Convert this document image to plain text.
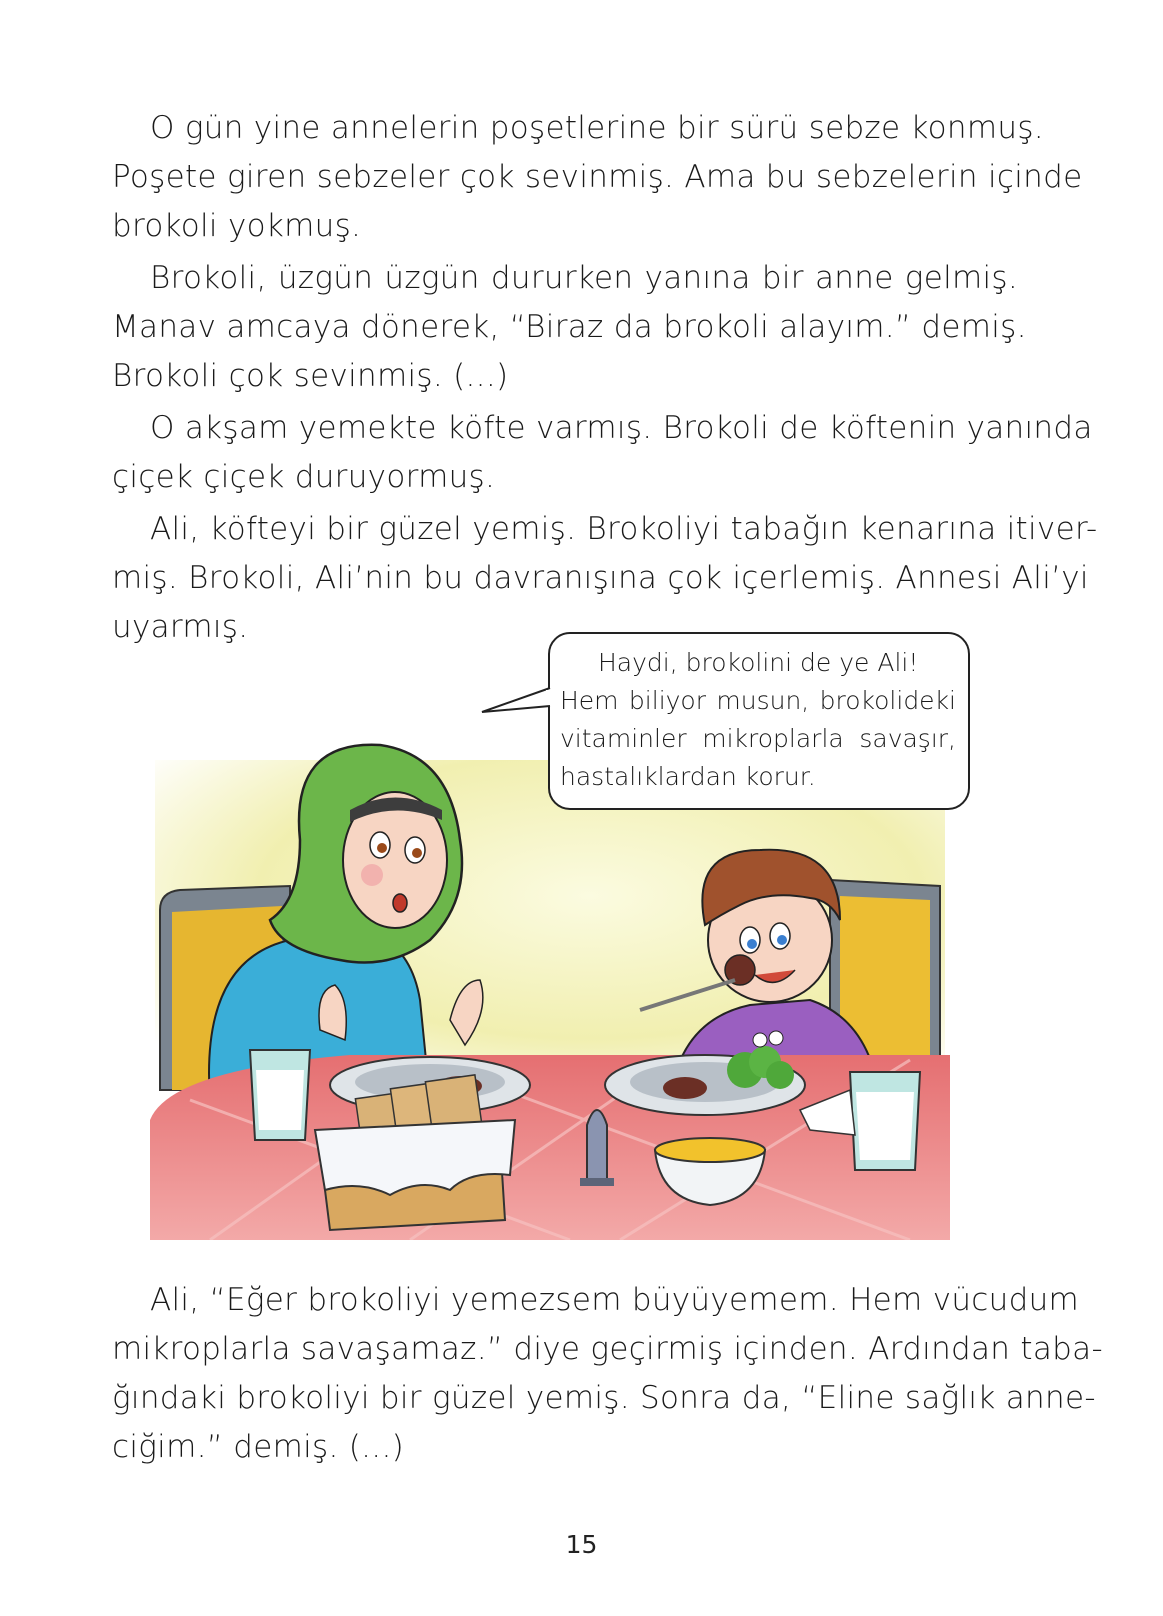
O gün yine annelerin poşetlerine bir sürü sebze konmuş.
Poşete giren sebzeler çok sevinmiş. Ama bu sebzelerin içinde
brokoli yokmuş.
Brokoli, üzgün üzgün dururken yanına bir anne gelmiş.
Manav amcaya dönerek, “Biraz da brokoli alayım.” demiş.
Brokoli çok sevinmiş. (...)
O akşam yemekte köfte varmış. Brokoli de köftenin yanında
çiçek çiçek duruyormuş.
Ali, köfteyi bir güzel yemiş. Brokoliyi tabağın kenarına itiver-
miş. Brokoli, Ali’nin bu davranışına çok içerlemiş. Annesi Ali’yi
uyarmış.
Haydi, brokolini de ye Ali!
Hem biliyor musun, brokolideki
vitaminler mikroplarla savaşır,
hastalıklardan korur.
Ali, “Eğer brokoliyi yemezsem büyüyemem. Hem vücudum
mikroplarla savaşamaz.” diye geçirmiş içinden. Ardından taba-
ğındaki brokoliyi bir güzel yemiş. Sonra da, “Eline sağlık anne-
ciğim.” demiş. (...)
15
